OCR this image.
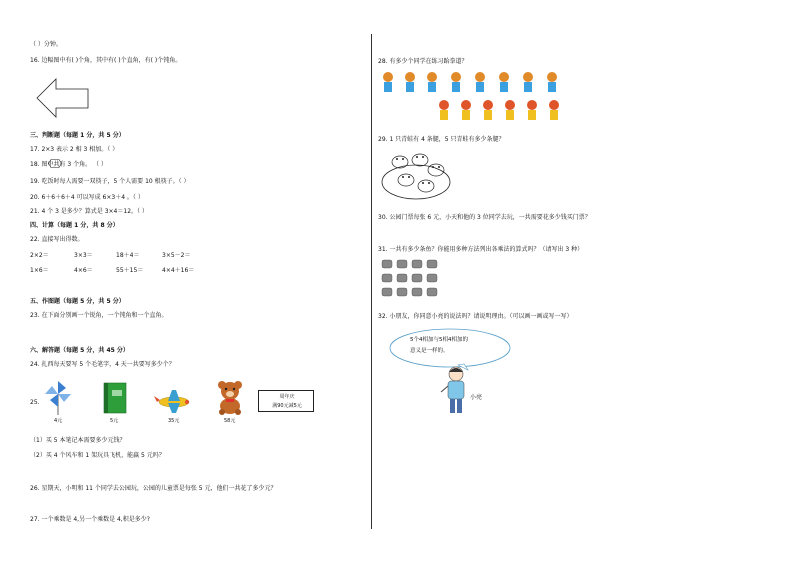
（ ）分钟。
16. 边幅图中有( )个角，其中有( )个直角，有( )个钝角。
三、判断题（每题 1 分，共 5 分）
17. 2×3 表示 2 相 3 相加。（ ）
18. 图中共有 3 个角。 （ ）
19. 吃饭时每人需要一双筷子，5 个人需要 10 根筷子。（ ）
20. 6＋6＋6＋4 可以写成 6×3＋4 。（ ）
21. 4 个 3 是多少？算式是 3×4＝12。（ ）
四、计算（每题 1 分，共 8 分）
22. 直接写出得数。
2×2＝	3×3＝	18＋4＝	3×5－2＝
1×6＝	4×6＝	55＋15＝	4×4＋16＝
五、作图题（每题 5 分，共 5 分）
23. 在下面分别画一个锐角，一个钝角和一个直角。
六、解答题（每题 5 分，共 45 分）
24. 扎西每天要写 5 个毛笔字，4 天一共要写多少个？
25.
4元	5元	35元	58元
周年庆
满90元减5元
（1）买 5 本笔记本需要多少元钱？
（2）买 4 个风车和 1 架玩具飞机，能赢 5 元吗？
26. 星期天，小明和 11 个同学去公园玩，公园的儿童票是每张 5 元，他们一共花了多少元？
27. 一个乘数是 4,另一个乘数是 4,积是多少?
28. 有多少个同学在练习跆拳道？
29. 1 只青蛙有 4 条腿，5 只青蛙有多少条腿？
30. 公园门票每张 6 元，小天和他的 3 位同学去玩，一共需要花多少钱买门票？
31. 一共有多少条鱼？你能用多种方法列出各乘法的算式吗？（请写出 3 种）
32. 小朋友，你同意小亮的说法吗？请说明理由。（可以画一画或写一写）
5个4相加与5相4相加的
意义是一样的。
小亮
